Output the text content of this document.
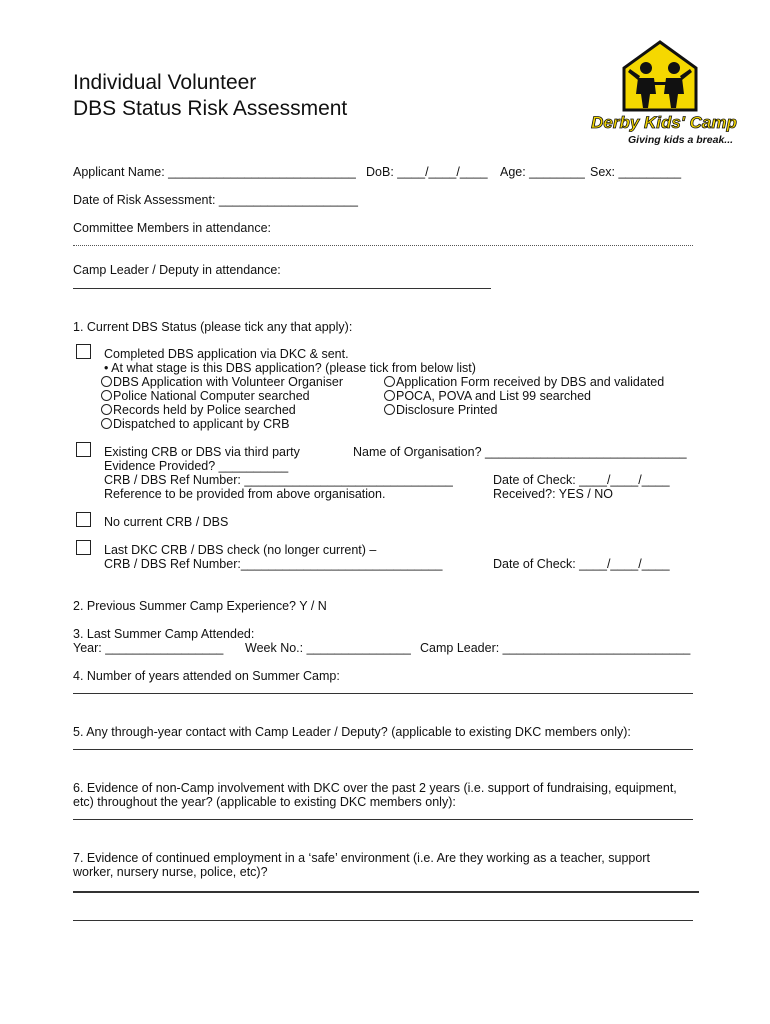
Individual Volunteer
DBS Status Risk Assessment
Derby Kids' Camp
Giving kids a break...
Applicant Name: ___________________________ DoB: ____/____/____ Age: ________ Sex: _________
Date of Risk Assessment: ____________________
Committee Members in attendance:
Camp Leader / Deputy in attendance:
1. Current DBS Status (please tick any that apply):
Completed DBS application via DKC & sent.
• At what stage is this DBS application? (please tick from below list)
DBS Application with Volunteer Organiser
Police National Computer searched
Records held by Police searched
Dispatched to applicant by CRB
Application Form received by DBS and validated
POCA, POVA and List 99 searched
Disclosure Printed
Existing CRB or DBS via third party	Name of Organisation? _____________________________
Evidence Provided? __________
CRB / DBS Ref Number: ______________________________	Date of Check: ____/____/____
Reference to be provided from above organisation.	Received?: YES / NO
No current CRB / DBS
Last DKC CRB / DBS check (no longer current) –
CRB / DBS Ref Number:_____________________________	Date of Check: ____/____/____
2. Previous Summer Camp Experience? Y / N
3. Last Summer Camp Attended:
Year: _________________ Week No.: _______________ Camp Leader: ___________________________
4. Number of years attended on Summer Camp:
5. Any through-year contact with Camp Leader / Deputy? (applicable to existing DKC members only):
6. Evidence of non-Camp involvement with DKC over the past 2 years (i.e. support of fundraising, equipment,
etc) throughout the year? (applicable to existing DKC members only):
7. Evidence of continued employment in a ‘safe’ environment (i.e. Are they working as a teacher, support
worker, nursery nurse, police, etc)?
